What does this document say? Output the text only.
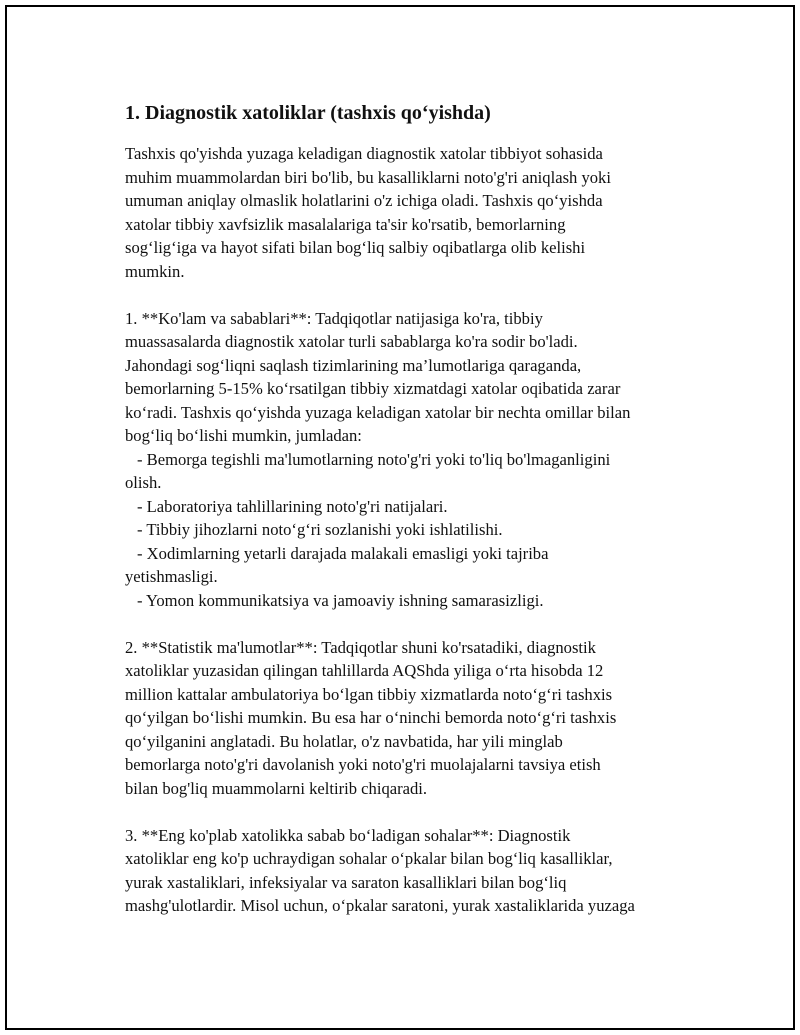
1. Diagnostik xatoliklar (tashxis qo‘yishda)
Tashxis qo'yishda yuzaga keladigan diagnostik xatolar tibbiyot sohasida
muhim muammolardan biri bo'lib, bu kasalliklarni noto'g'ri aniqlash yoki
umuman aniqlay olmaslik holatlarini o'z ichiga oladi. Tashxis qo‘yishda
xatolar tibbiy xavfsizlik masalalariga ta'sir ko'rsatib, bemorlarning
sog‘lig‘iga va hayot sifati bilan bog‘liq salbiy oqibatlarga olib kelishi
mumkin.
1. **Ko'lam va sabablari**: Tadqiqotlar natijasiga ko'ra, tibbiy
muassasalarda diagnostik xatolar turli sabablarga ko'ra sodir bo'ladi.
Jahondagi sog‘liqni saqlash tizimlarining ma’lumotlariga qaraganda,
bemorlarning 5-15% ko‘rsatilgan tibbiy xizmatdagi xatolar oqibatida zarar
ko‘radi. Tashxis qo‘yishda yuzaga keladigan xatolar bir nechta omillar bilan
bog‘liq bo‘lishi mumkin, jumladan:
- Bemorga tegishli ma'lumotlarning noto'g'ri yoki to'liq bo'lmaganligini
olish.
- Laboratoriya tahlillarining noto'g'ri natijalari.
- Tibbiy jihozlarni noto‘g‘ri sozlanishi yoki ishlatilishi.
- Xodimlarning yetarli darajada malakali emasligi yoki tajriba
yetishmasligi.
- Yomon kommunikatsiya va jamoaviy ishning samarasizligi.
2. **Statistik ma'lumotlar**: Tadqiqotlar shuni ko'rsatadiki, diagnostik
xatoliklar yuzasidan qilingan tahlillarda AQShda yiliga o‘rta hisobda 12
million kattalar ambulatoriya bo‘lgan tibbiy xizmatlarda noto‘g‘ri tashxis
qo‘yilgan bo‘lishi mumkin. Bu esa har o‘ninchi bemorda noto‘g‘ri tashxis
qo‘yilganini anglatadi. Bu holatlar, o'z navbatida, har yili minglab
bemorlarga noto'g'ri davolanish yoki noto'g'ri muolajalarni tavsiya etish
bilan bog'liq muammolarni keltirib chiqaradi.
3. **Eng ko'plab xatolikka sabab bo‘ladigan sohalar**: Diagnostik
xatoliklar eng ko'p uchraydigan sohalar o‘pkalar bilan bog‘liq kasalliklar,
yurak xastaliklari, infeksiyalar va saraton kasalliklari bilan bog‘liq
mashg'ulotlardir. Misol uchun, o‘pkalar saratoni, yurak xastaliklarida yuzaga
